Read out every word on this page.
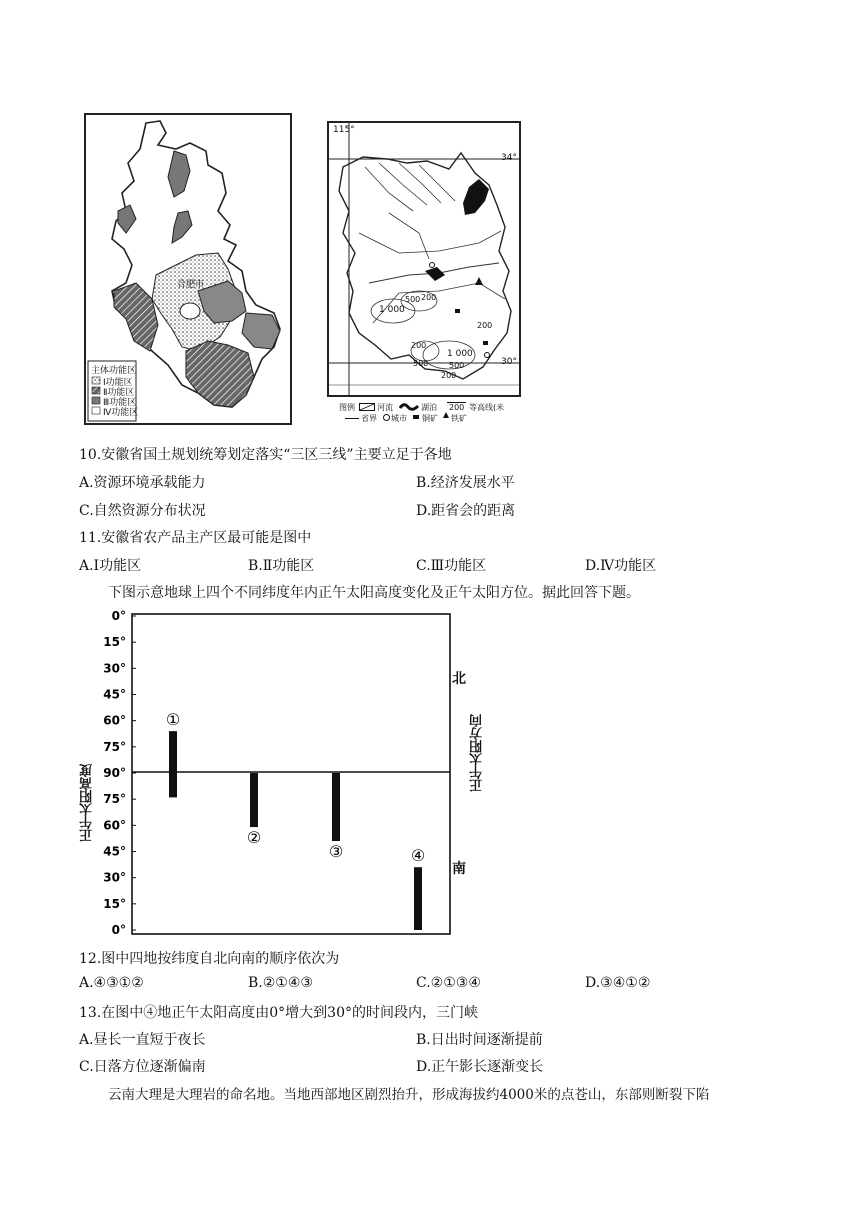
合肥市
主体功能区
Ⅰ功能区
Ⅱ功能区
Ⅲ功能区
Ⅳ功能区
115°
34°
30°
500 200
1 000
200
1 000
500
200
500
200
图例	河流	湖泊 200 等高线(米
省界 城市 铜矿 铁矿
10.安徽省国土规划统筹划定落实“三区三线”主要立足于各地
A.资源环境承载能力	B.经济发展水平
C.自然资源分布状况	D.距省会的距离
11.安徽省农产品主产区最可能是图中
A.Ⅰ功能区	B.Ⅱ功能区	C.Ⅲ功能区	D.Ⅳ功能区
下图示意地球上四个不同纬度年内正午太阳高度变化及正午太阳方位。据此回答下题。
0°
15°
30°
45°
60°
75°
90°
75°
60°
45°
30°
15°
0°
①
②
③	④
正午太阳高度
北
南
正午太阳方向
12.图中四地按纬度自北向南的顺序依次为
A.④③①②	B.②①④③	C.②①③④	D.③④①②
13.在图中④地正午太阳高度由0°增大到30°的时间段内，三门峡
A.昼长一直短于夜长	B.日出时间逐渐提前
C.日落方位逐渐偏南	D.正午影长逐渐变长
云南大理是大理岩的命名地。当地西部地区剧烈抬升，形成海拔约4000米的点苍山，东部则断裂下陷
